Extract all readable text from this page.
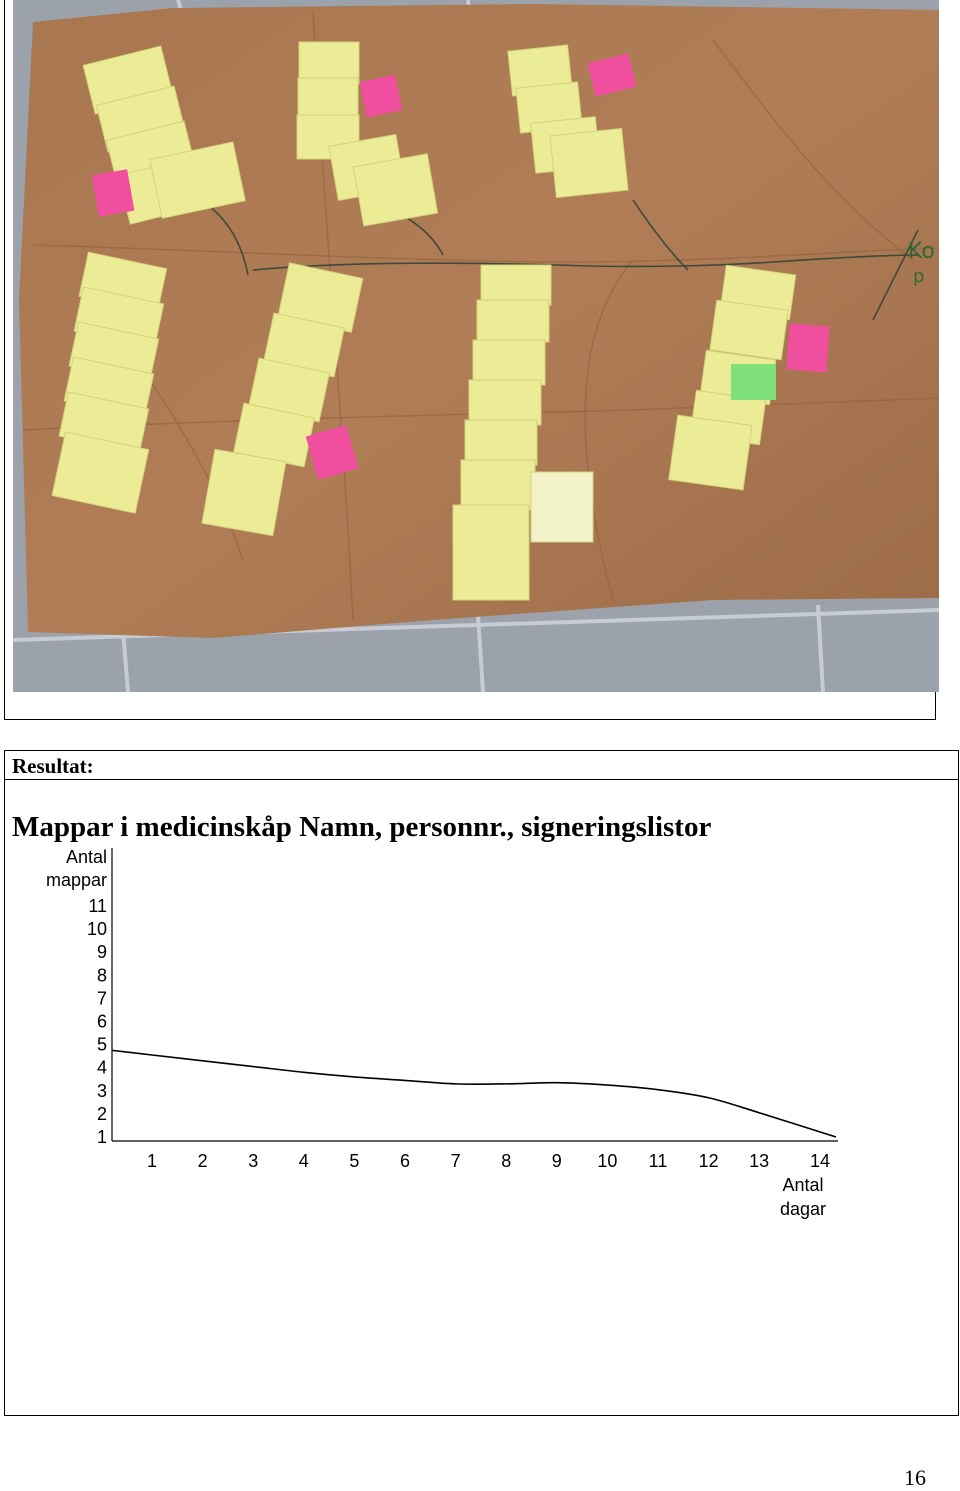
Ko
p
Resultat:
Mappar i medicinskåp Namn, personnr., signeringslistor
11
10
9
8
7
6
5
4
3
2
1
1 2 3 4 5 6 7 8 9 10 11 12 13 14
Antal
mappar
Antal
dagar
16
